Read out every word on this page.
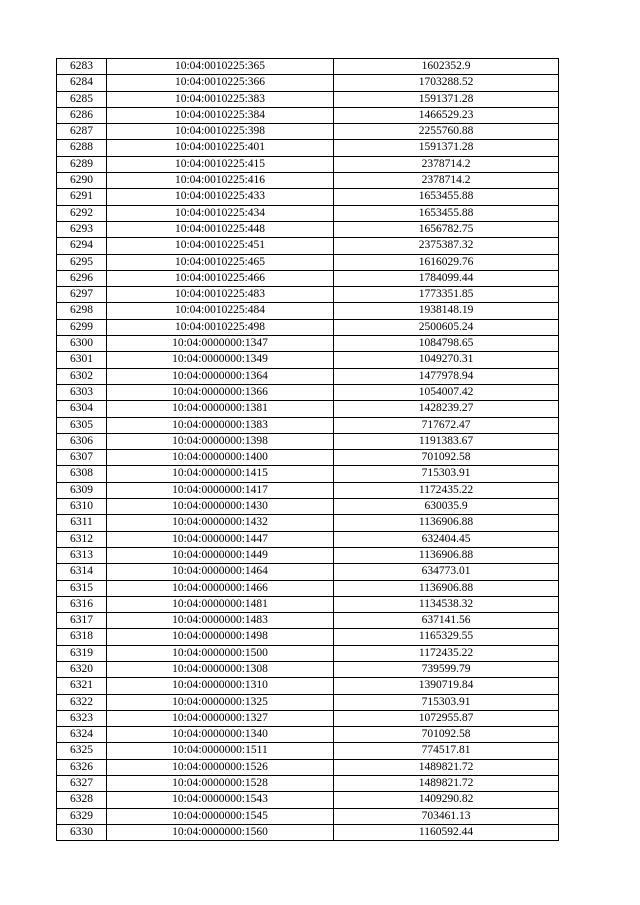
6283	10:04:0010225:365	1602352.9
6284	10:04:0010225:366	1703288.52
6285	10:04:0010225:383	1591371.28
6286	10:04:0010225:384	1466529.23
6287	10:04:0010225:398	2255760.88
6288	10:04:0010225:401	1591371.28
6289	10:04:0010225:415	2378714.2
6290	10:04:0010225:416	2378714.2
6291	10:04:0010225:433	1653455.88
6292	10:04:0010225:434	1653455.88
6293	10:04:0010225:448	1656782.75
6294	10:04:0010225:451	2375387.32
6295	10:04:0010225:465	1616029.76
6296	10:04:0010225:466	1784099.44
6297	10:04:0010225:483	1773351.85
6298	10:04:0010225:484	1938148.19
6299	10:04:0010225:498	2500605.24
6300	10:04:0000000:1347	1084798.65
6301	10:04:0000000:1349	1049270.31
6302	10:04:0000000:1364	1477978.94
6303	10:04:0000000:1366	1054007.42
6304	10:04:0000000:1381	1428239.27
6305	10:04:0000000:1383	717672.47
6306	10:04:0000000:1398	1191383.67
6307	10:04:0000000:1400	701092.58
6308	10:04:0000000:1415	715303.91
6309	10:04:0000000:1417	1172435.22
6310	10:04:0000000:1430	630035.9
6311	10:04:0000000:1432	1136906.88
6312	10:04:0000000:1447	632404.45
6313	10:04:0000000:1449	1136906.88
6314	10:04:0000000:1464	634773.01
6315	10:04:0000000:1466	1136906.88
6316	10:04:0000000:1481	1134538.32
6317	10:04:0000000:1483	637141.56
6318	10:04:0000000:1498	1165329.55
6319	10:04:0000000:1500	1172435.22
6320	10:04:0000000:1308	739599.79
6321	10:04:0000000:1310	1390719.84
6322	10:04:0000000:1325	715303.91
6323	10:04:0000000:1327	1072955.87
6324	10:04:0000000:1340	701092.58
6325	10:04:0000000:1511	774517.81
6326	10:04:0000000:1526	1489821.72
6327	10:04:0000000:1528	1489821.72
6328	10:04:0000000:1543	1409290.82
6329	10:04:0000000:1545	703461.13
6330	10:04:0000000:1560	1160592.44
